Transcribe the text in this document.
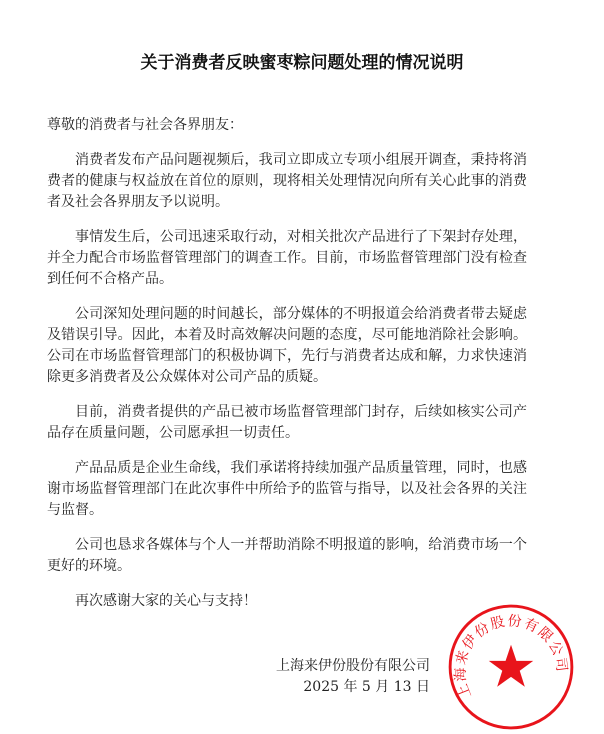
关于消费者反映蜜枣粽问题处理的情况说明

尊敬的消费者与社会各界朋友：

消费者发布产品问题视频后，我司立即成立专项小组展开调查，秉持将消费者的健康与权益放在首位的原则，现将相关处理情况向所有关心此事的消费者及社会各界朋友予以说明。

事情发生后，公司迅速采取行动，对相关批次产品进行了下架封存处理，并全力配合市场监督管理部门的调查工作。目前，市场监督管理部门没有检查到任何不合格产品。

公司深知处理问题的时间越长，部分媒体的不明报道会给消费者带去疑虑及错误引导。因此，本着及时高效解决问题的态度，尽可能地消除社会影响。公司在市场监督管理部门的积极协调下，先行与消费者达成和解，力求快速消除更多消费者及公众媒体对公司产品的质疑。

目前，消费者提供的产品已被市场监督管理部门封存，后续如核实公司产品存在质量问题，公司愿承担一切责任。

产品品质是企业生命线，我们承诺将持续加强产品质量管理，同时，也感谢市场监督管理部门在此次事件中所给予的监管与指导，以及社会各界的关注与监督。

公司也恳求各媒体与个人一并帮助消除不明报道的影响，给消费市场一个更好的环境。

再次感谢大家的关心与支持！

上海来伊份股份有限公司
2025 年 5 月 13 日 上海来伊份股份有限公司
